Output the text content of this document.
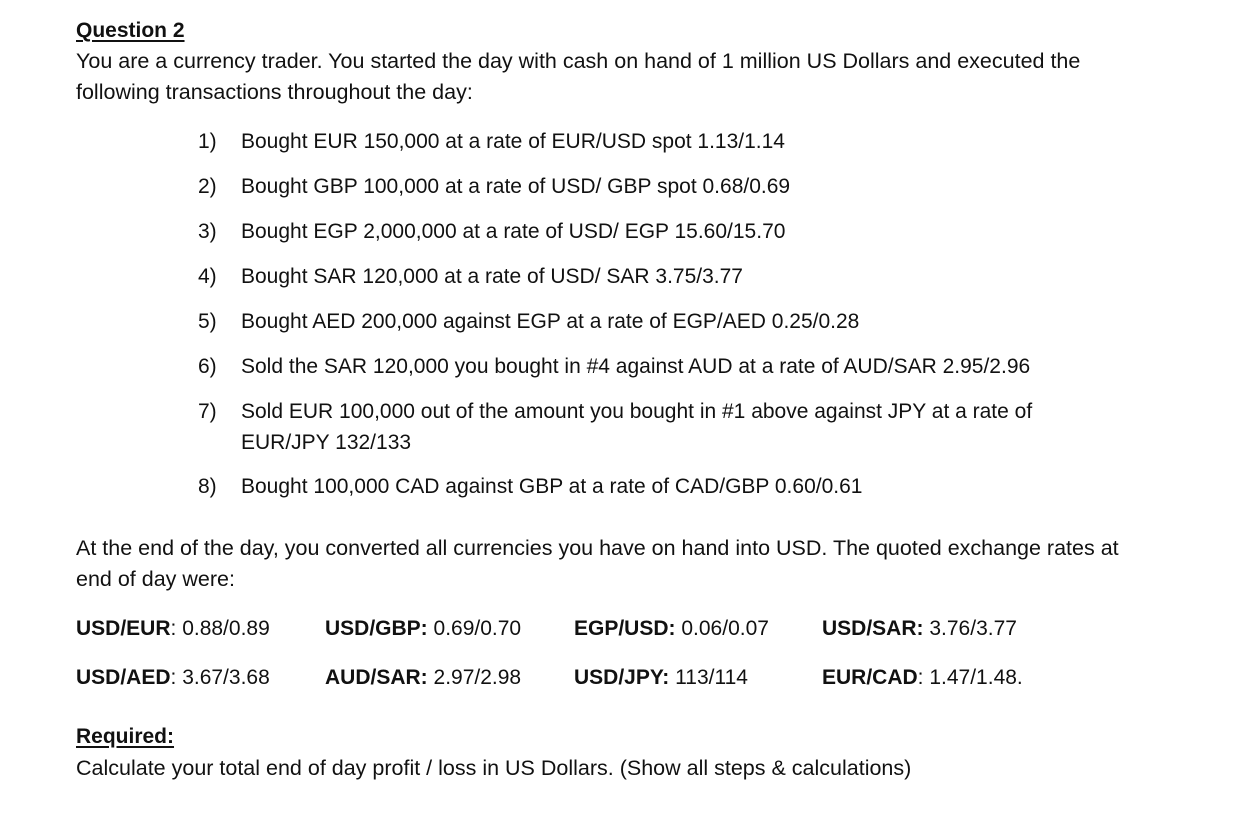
Question 2
You are a currency trader. You started the day with cash on hand of 1 million US Dollars and executed the following transactions throughout the day:
1)	Bought EUR 150,000 at a rate of EUR/USD spot 1.13/1.14
2)	Bought GBP 100,000 at a rate of USD/ GBP spot 0.68/0.69
3)	Bought EGP 2,000,000 at a rate of USD/ EGP 15.60/15.70
4)	Bought SAR 120,000 at a rate of USD/ SAR 3.75/3.77
5)	Bought AED 200,000 against EGP at a rate of EGP/AED 0.25/0.28
6)	Sold the SAR 120,000 you bought in #4 against AUD at a rate of AUD/SAR 2.95/2.96
7)	Sold EUR 100,000 out of the amount you bought in #1 above against JPY at a rate of EUR/JPY 132/133
8)	Bought 100,000 CAD against GBP at a rate of CAD/GBP 0.60/0.61
At the end of the day, you converted all currencies you have on hand into USD. The quoted exchange rates at end of day were:
USD/EUR: 0.88/0.89	USD/GBP: 0.69/0.70	EGP/USD: 0.06/0.07	USD/SAR: 3.76/3.77
USD/AED: 3.67/3.68	AUD/SAR: 2.97/2.98	USD/JPY: 113/114	EUR/CAD: 1.47/1.48.
Required:
Calculate your total end of day profit / loss in US Dollars. (Show all steps & calculations)
